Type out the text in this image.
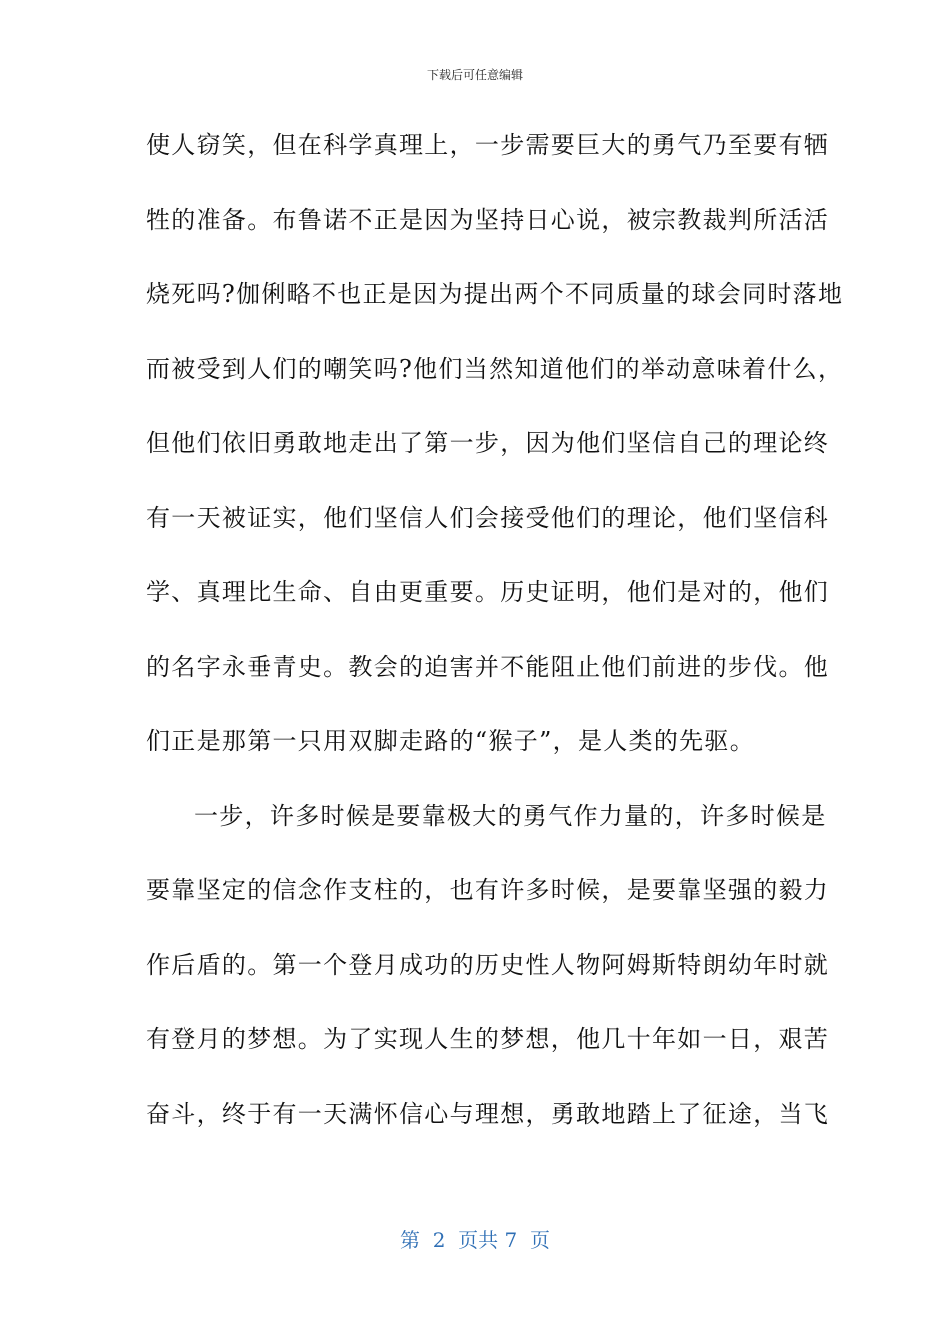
下载后可任意编辑
使人窃笑，但在科学真理上，一步需要巨大的勇气乃至要有牺
牲的准备。布鲁诺不正是因为坚持日心说，被宗教裁判所活活
烧死吗?伽俐略不也正是因为提出两个不同质量的球会同时落地
而被受到人们的嘲笑吗?他们当然知道他们的举动意味着什么，
但他们依旧勇敢地走出了第一步，因为他们坚信自己的理论终
有一天被证实，他们坚信人们会接受他们的理论，他们坚信科
学、真理比生命、自由更重要。历史证明，他们是对的，他们
的名字永垂青史。教会的迫害并不能阻止他们前进的步伐。他
们正是那第一只用双脚走路的“猴子”，是人类的先驱。
一步，许多时候是要靠极大的勇气作力量的，许多时候是
要靠坚定的信念作支柱的，也有许多时候，是要靠坚强的毅力
作后盾的。第一个登月成功的历史性人物阿姆斯特朗幼年时就
有登月的梦想。为了实现人生的梦想，他几十年如一日，艰苦
奋斗，终于有一天满怀信心与理想，勇敢地踏上了征途，当飞
第  2  页共 7  页
